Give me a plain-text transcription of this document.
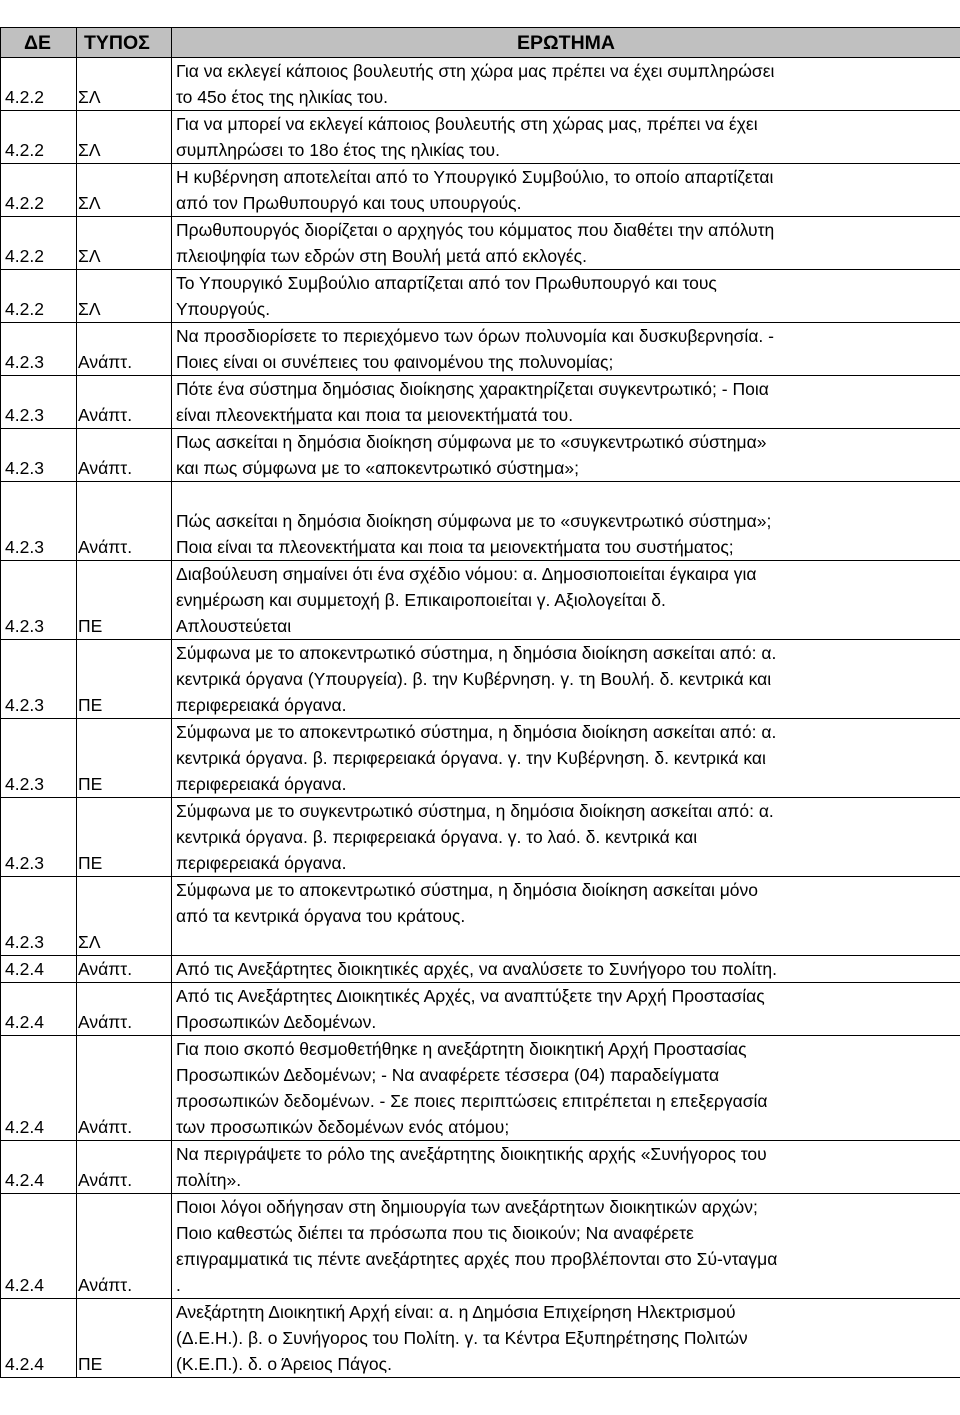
ΔΕ	ΤΥΠΟΣ	ΕΡΩΤΗΜΑ
4.2.2	ΣΛ	Για να εκλεγεί κάποιος βουλευτής στη χώρα μας πρέπει να έχει συμπληρώσει
το 45ο έτος της ηλικίας του.

4.2.2	ΣΛ	Για να μπορεί να εκλεγεί κάποιος βουλευτής στη χώρας μας, πρέπει να έχει
συμπληρώσει το 18ο έτος της ηλικίας του.

4.2.2	ΣΛ	Η κυβέρνηση αποτελείται από το Υπουργικό Συμβούλιο, το οποίο απαρτίζεται
από τον Πρωθυπουργό και τους υπουργούς.

4.2.2	ΣΛ	Πρωθυπουργός διορίζεται ο αρχηγός του κόμματος που διαθέτει την απόλυτη
πλειοψηφία των εδρών στη Βουλή μετά από εκλογές.

4.2.2	ΣΛ	Το Υπουργικό Συμβούλιο απαρτίζεται από τον Πρωθυπουργό και τους
Υπουργούς.

4.2.3	Ανάπτ.	Να προσδιορίσετε το περιεχόμενο των όρων πολυνομία και δυσκυβερνησία. -
Ποιες είναι οι συνέπειες του φαινομένου της πολυνομίας;

4.2.3	Ανάπτ.	Πότε ένα σύστημα δημόσιας διοίκησης χαρακτηρίζεται συγκεντρωτικό; - Ποια
είναι πλεονεκτήματα και ποια τα μειονεκτήματά του.

4.2.3	Ανάπτ.	Πως ασκείται η δημόσια διοίκηση σύμφωνα με το «συγκεντρωτικό σύστημα»
και πως σύμφωνα με το «αποκεντρωτικό σύστημα»;

4.2.3	Ανάπτ.	Πώς ασκείται η δημόσια διοίκηση σύμφωνα με το «συγκεντρωτικό σύστημα»;
Ποια είναι τα πλεονεκτήματα και ποια τα μειονεκτήματα του συστήματος;

4.2.3	ΠΕ	Διαβούλευση σημαίνει ότι ένα σχέδιο νόμου: α. Δημοσιοποιείται έγκαιρα για
ενημέρωση και συμμετοχή β. Επικαιροποιείται γ. Αξιολογείται δ.
Απλουστεύεται

4.2.3	ΠΕ	Σύμφωνα με το αποκεντρωτικό σύστημα, η δημόσια διοίκηση ασκείται από: α.
κεντρικά όργανα (Υπουργεία). β. την Κυβέρνηση. γ. τη Βουλή. δ. κεντρικά και
περιφερειακά όργανα.

4.2.3	ΠΕ	Σύμφωνα με το αποκεντρωτικό σύστημα, η δημόσια διοίκηση ασκείται από: α.
κεντρικά όργανα. β. περιφερειακά όργανα. γ. την Κυβέρνηση. δ. κεντρικά και
περιφερειακά όργανα.

4.2.3	ΠΕ	Σύμφωνα με το συγκεντρωτικό σύστημα, η δημόσια διοίκηση ασκείται από: α.
κεντρικά όργανα. β. περιφερειακά όργανα. γ. το λαό. δ. κεντρικά και
περιφερειακά όργανα.

4.2.3	ΣΛ	Σύμφωνα με το αποκεντρωτικό σύστημα, η δημόσια διοίκηση ασκείται μόνο
από τα κεντρικά όργανα του κράτους.

4.2.4	Ανάπτ.	Από τις Ανεξάρτητες διοικητικές αρχές, να αναλύσετε το Συνήγορο του πολίτη.

4.2.4	Ανάπτ.	Από τις Ανεξάρτητες Διοικητικές Αρχές, να αναπτύξετε την Αρχή Προστασίας
Προσωπικών Δεδομένων.

4.2.4	Ανάπτ.	Για ποιο σκοπό θεσμοθετήθηκε η ανεξάρτητη διοικητική Αρχή Προστασίας
Προσωπικών Δεδομένων; - Να αναφέρετε τέσσερα (04) παραδείγματα
προσωπικών δεδομένων. - Σε ποιες περιπτώσεις επιτρέπεται η επεξεργασία
των προσωπικών δεδομένων ενός ατόμου;

4.2.4	Ανάπτ.	Να περιγράψετε το ρόλο της ανεξάρτητης διοικητικής αρχής «Συνήγορος του
πολίτη».

4.2.4	Ανάπτ.	Ποιοι λόγοι οδήγησαν στη δημιουργία των ανεξάρτητων διοικητικών αρχών;
Ποιο καθεστώς διέπει τα πρόσωπα που τις διοικούν; Να αναφέρετε
επιγραμματικά τις πέντε ανεξάρτητες αρχές που προβλέπονται στο Σύ-νταγμα
.

4.2.4	ΠΕ	Ανεξάρτητη Διοικητική Αρχή είναι: α. η Δημόσια Επιχείρηση Ηλεκτρισμού
(Δ.Ε.Η.). β. ο Συνήγορος του Πολίτη. γ. τα Κέντρα Εξυπηρέτησης Πολιτών
(Κ.Ε.Π.). δ. ο Άρειος Πάγος.
